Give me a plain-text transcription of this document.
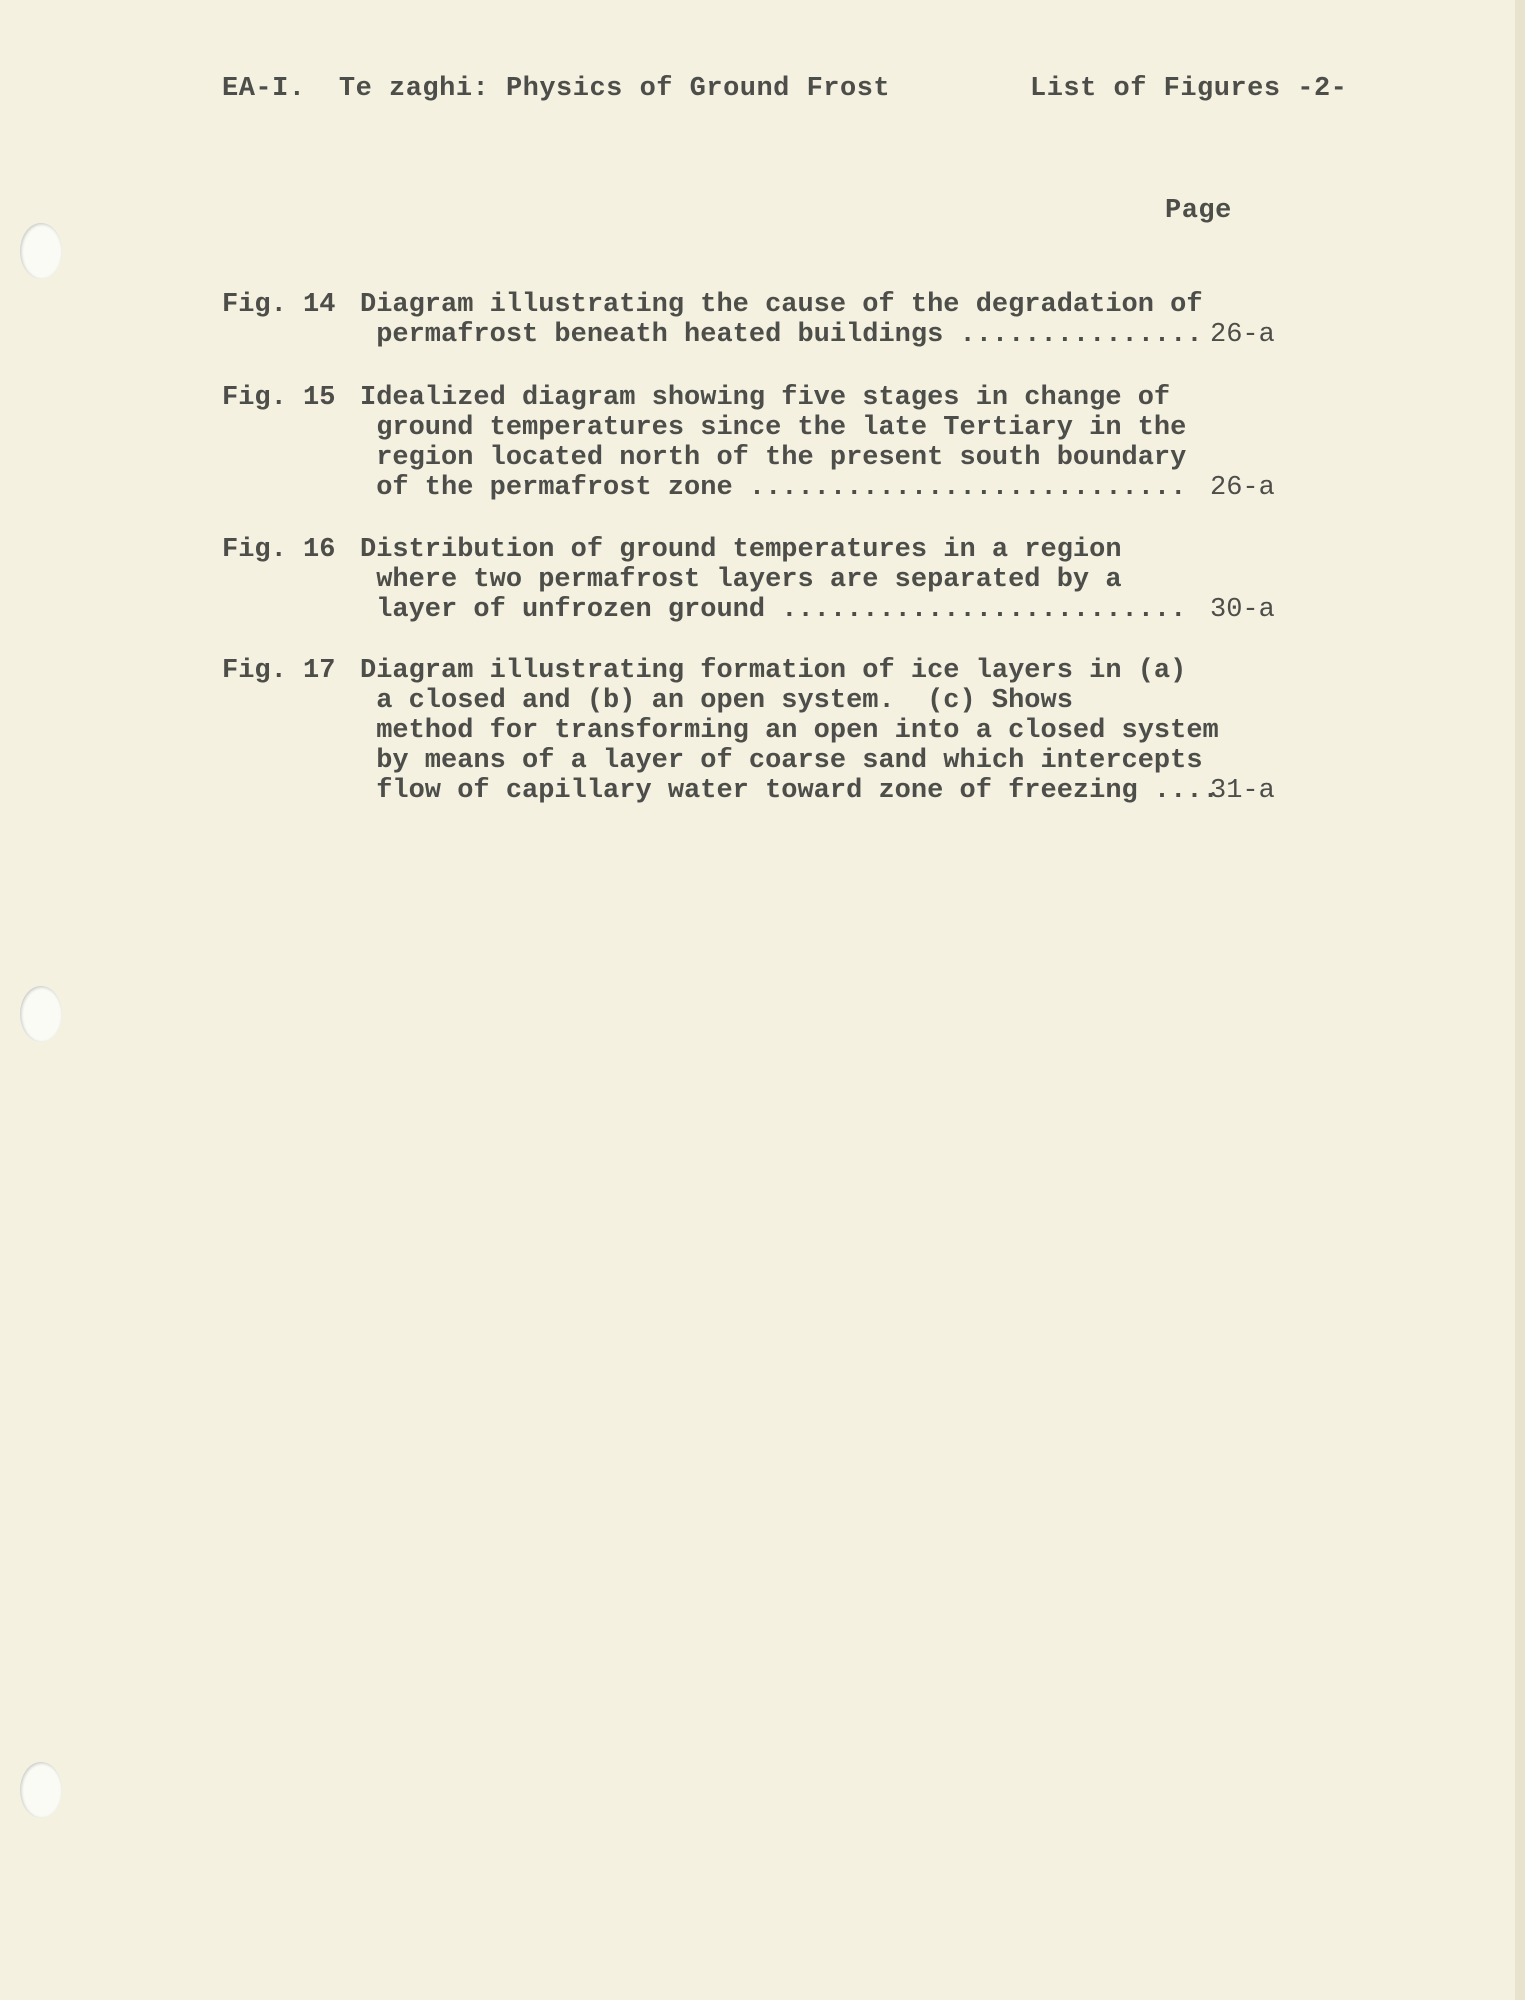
EA-I.  Te zaghi: Physics of Ground Frost	List of Figures -2-
Page
Fig. 14 Diagram illustrating the cause of the degradation of
permafrost beneath heated buildings ............... 26-a
Fig. 15 Idealized diagram showing five stages in change of
ground temperatures since the late Tertiary in the
region located north of the present south boundary
of the permafrost zone ........................... 26-a
Fig. 16 Distribution of ground temperatures in a region
where two permafrost layers are separated by a
layer of unfrozen ground ......................... 30-a
Fig. 17 Diagram illustrating formation of ice layers in (a)
a closed and (b) an open system.  (c) Shows
method for transforming an open into a closed system
by means of a layer of coarse sand which intercepts
flow of capillary water toward zone of freezing ....
31-a
